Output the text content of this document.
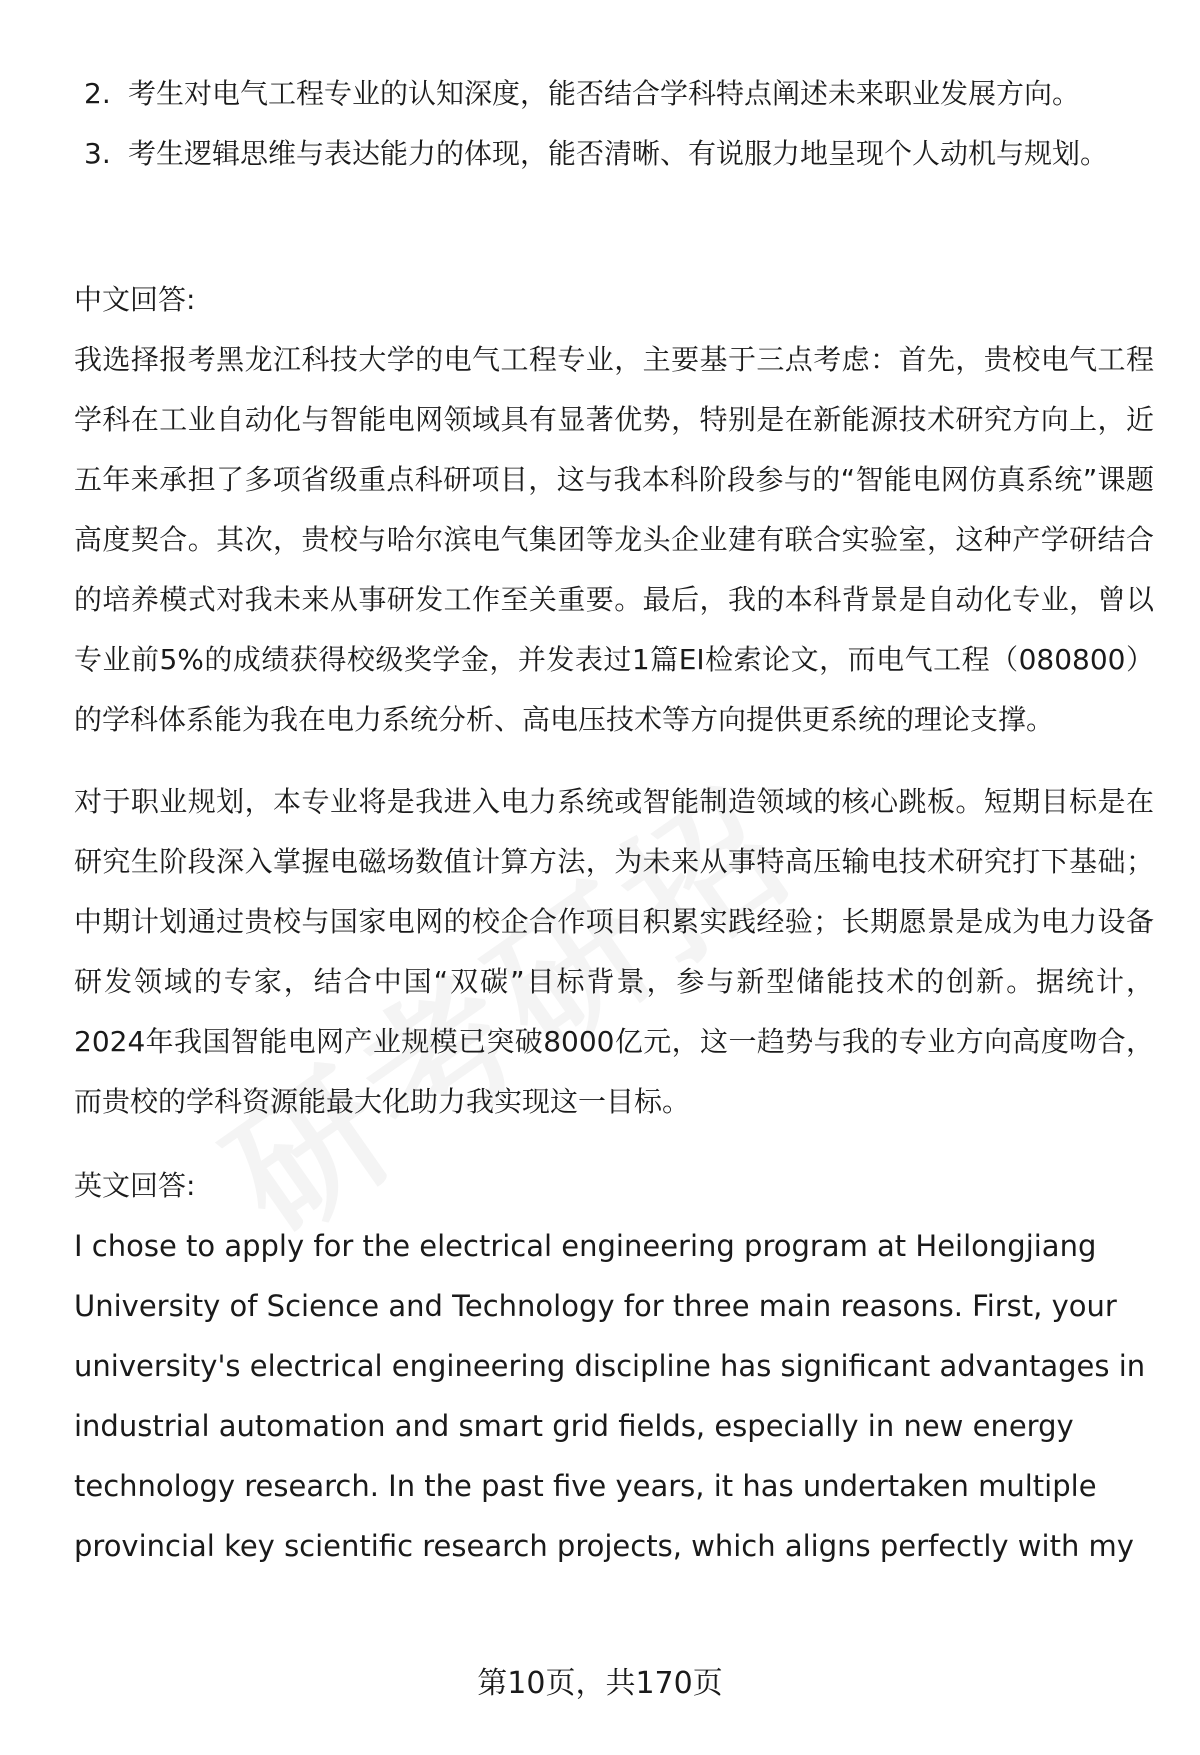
2. 考生对电气工程专业的认知深度，能否结合学科特点阐述未来职业发展方向。
3. 考生逻辑思维与表达能力的体现，能否清晰、有说服力地呈现个人动机与规划。

中文回答:

我选择报考黑龙江科技大学的电气工程专业，主要基于三点考虑：首先，贵校电气工程学科在工业自动化与智能电网领域具有显著优势，特别是在新能源技术研究方向上，近五年来承担了多项省级重点科研项目，这与我本科阶段参与的“智能电网仿真系统”课题高度契合。其次，贵校与哈尔滨电气集团等龙头企业建有联合实验室，这种产学研结合的培养模式对我未来从事研发工作至关重要。最后，我的本科背景是自动化专业，曾以专业前5%的成绩获得校级奖学金，并发表过1篇EI检索论文，而电气工程（080800）的学科体系能为我在电力系统分析、高电压技术等方向提供更系统的理论支撑。

对于职业规划，本专业将是我进入电力系统或智能制造领域的核心跳板。短期目标是在研究生阶段深入掌握电磁场数值计算方法，为未来从事特高压输电技术研究打下基础；中期计划通过贵校与国家电网的校企合作项目积累实践经验；长期愿景是成为电力设备研发领域的专家，结合中国“双碳”目标背景，参与新型储能技术的创新。据统计，2024年我国智能电网产业规模已突破8000亿元，这一趋势与我的专业方向高度吻合，而贵校的学科资源能最大化助力我实现这一目标。

英文回答:

I chose to apply for the electrical engineering program at Heilongjiang University of Science and Technology for three main reasons. First, your university's electrical engineering discipline has significant advantages in industrial automation and smart grid fields, especially in new energy technology research. In the past five years, it has undertaken multiple provincial key scientific research projects, which aligns perfectly with my

第10页，共170页
